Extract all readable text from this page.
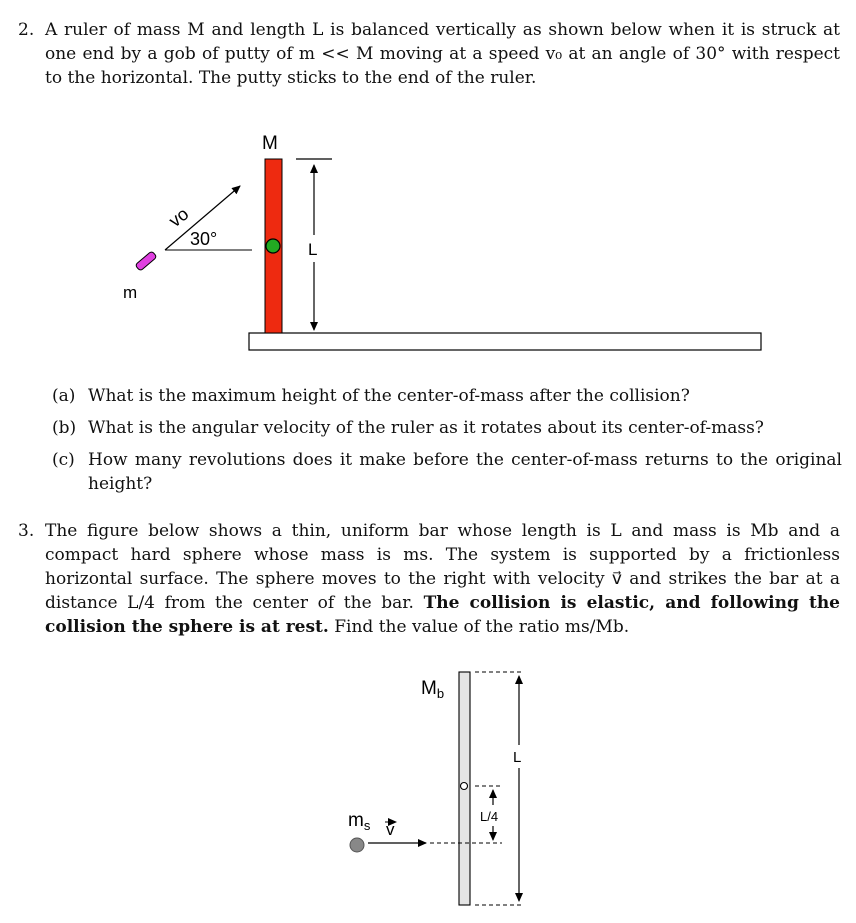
2. A ruler of mass M and length L is balanced vertically as shown below when it is struck at one end by a gob of putty of m << M moving at a speed v₀ at an angle of 30° with respect to the horizontal. The putty sticks to the end of the ruler.
M
L
vo
30°
m
(a) What is the maximum height of the center-of-mass after the collision?
(b) What is the angular velocity of the ruler as it rotates about its center-of-mass?
(c) How many revolutions does it make before the center-of-mass returns to the original height?
3. The figure below shows a thin, uniform bar whose length is L and mass is Mb and a compact hard sphere whose mass is ms. The system is supported by a frictionless horizontal surface. The sphere moves to the right with velocity v⃗ and strikes the bar at a distance L/4 from the center of the bar. The collision is elastic, and following the collision the sphere is at rest. Find the value of the ratio ms/Mb.
L
L/4
$M_b$
$m_s$ v
